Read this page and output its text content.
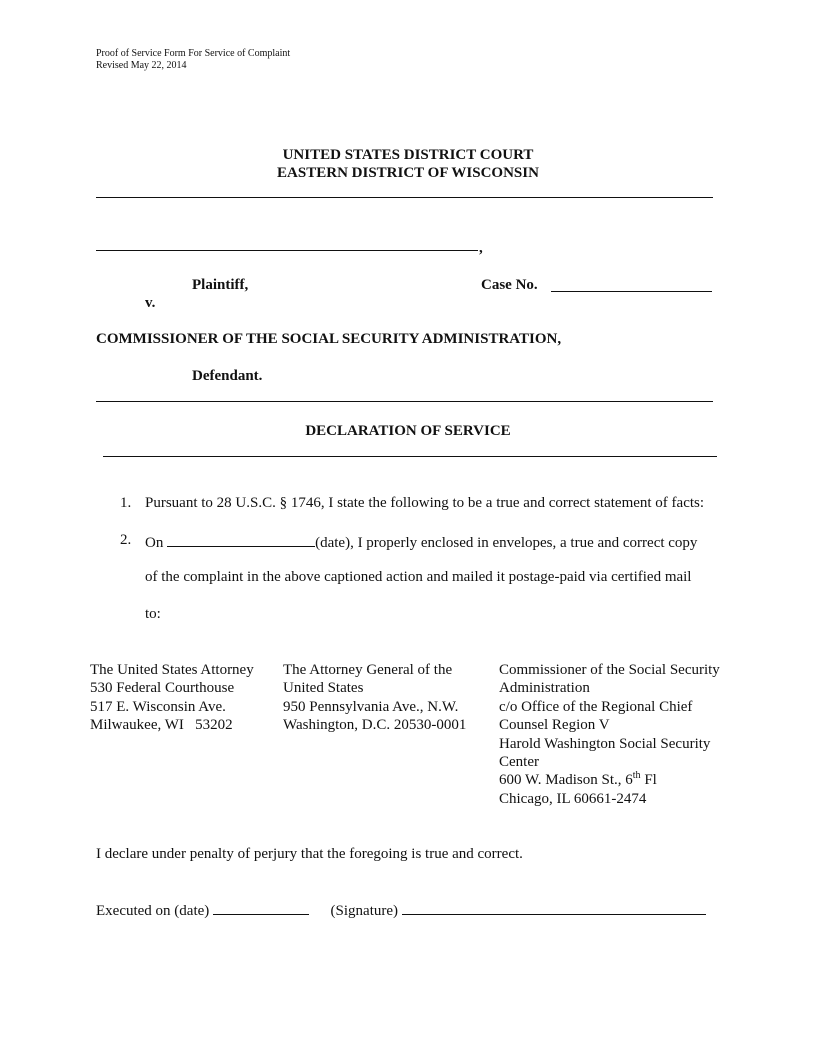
Proof of Service Form For Service of Complaint
Revised May 22, 2014
UNITED STATES DISTRICT COURT
EASTERN DISTRICT OF WISCONSIN
,
Plaintiff,	Case No.
v.
COMMISSIONER OF THE SOCIAL SECURITY ADMINISTRATION,
Defendant.
DECLARATION OF SERVICE
1. Pursuant to 28 U.S.C. § 1746, I state the following to be a true and correct statement of facts:
2. On	(date), I properly enclosed in envelopes, a true and correct copy
of the complaint in the above captioned action and mailed it postage-paid via certified mail
to:
The United States Attorney
530 Federal Courthouse
517 E. Wisconsin Ave.
Milwaukee, WI   53202
The Attorney General of the
United States
950 Pennsylvania Ave., N.W.
Washington, D.C. 20530-0001
Commissioner of the Social Security
Administration
c/o Office of the Regional Chief
Counsel Region V
Harold Washington Social Security
Center
600 W. Madison St., 6th Fl
Chicago, IL 60661-2474
I declare under penalty of perjury that the foregoing is true and correct.
Executed on (date)	(Signature)
